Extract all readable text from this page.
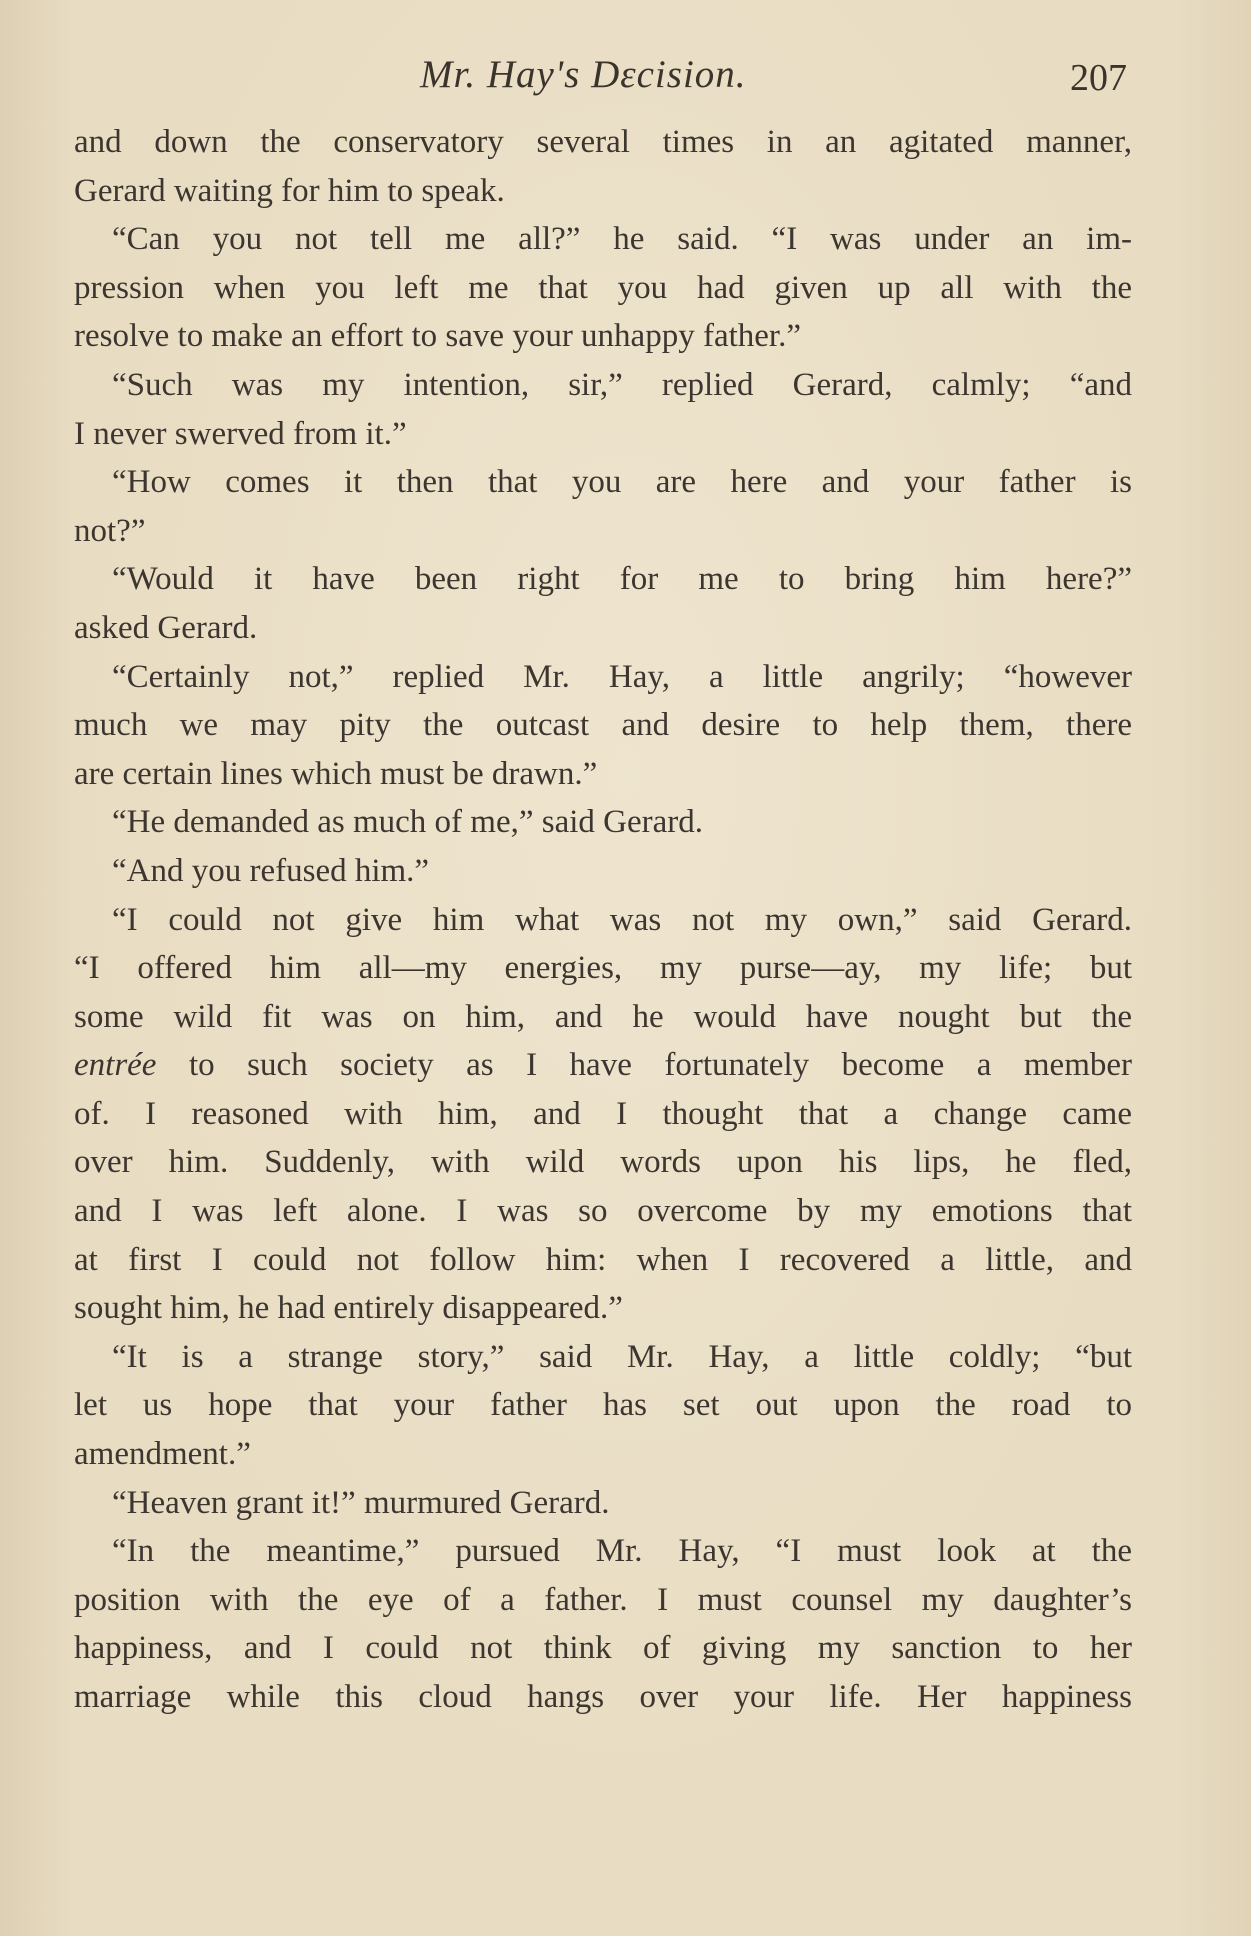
Mr. Hay's Dεcision.	207
and down the conservatory several times in an agitated manner,
Gerard waiting for him to speak.
“Can you not tell me all?” he said. “I was under an im-
pression when you left me that you had given up all with the
resolve to make an effort to save your unhappy father.”
“Such was my intention, sir,” replied Gerard, calmly; “and
I never swerved from it.”
“How comes it then that you are here and your father is
not?”
“Would it have been right for me to bring him here?”
asked Gerard.
“Certainly not,” replied Mr. Hay, a little angrily; “however
much we may pity the outcast and desire to help them, there
are certain lines which must be drawn.”
“He demanded as much of me,” said Gerard.
“And you refused him.”
“I could not give him what was not my own,” said Gerard.
“I offered him all—my energies, my purse—ay, my life; but
some wild fit was on him, and he would have nought but the
entrée to such society as I have fortunately become a member
of. I reasoned with him, and I thought that a change came
over him. Suddenly, with wild words upon his lips, he fled,
and I was left alone. I was so overcome by my emotions that
at first I could not follow him: when I recovered a little, and
sought him, he had entirely disappeared.”
“It is a strange story,” said Mr. Hay, a little coldly; “but
let us hope that your father has set out upon the road to
amendment.”
“Heaven grant it!” murmured Gerard.
“In the meantime,” pursued Mr. Hay, “I must look at the
position with the eye of a father. I must counsel my daughter’s
happiness, and I could not think of giving my sanction to her
marriage while this cloud hangs over your life. Her happiness
